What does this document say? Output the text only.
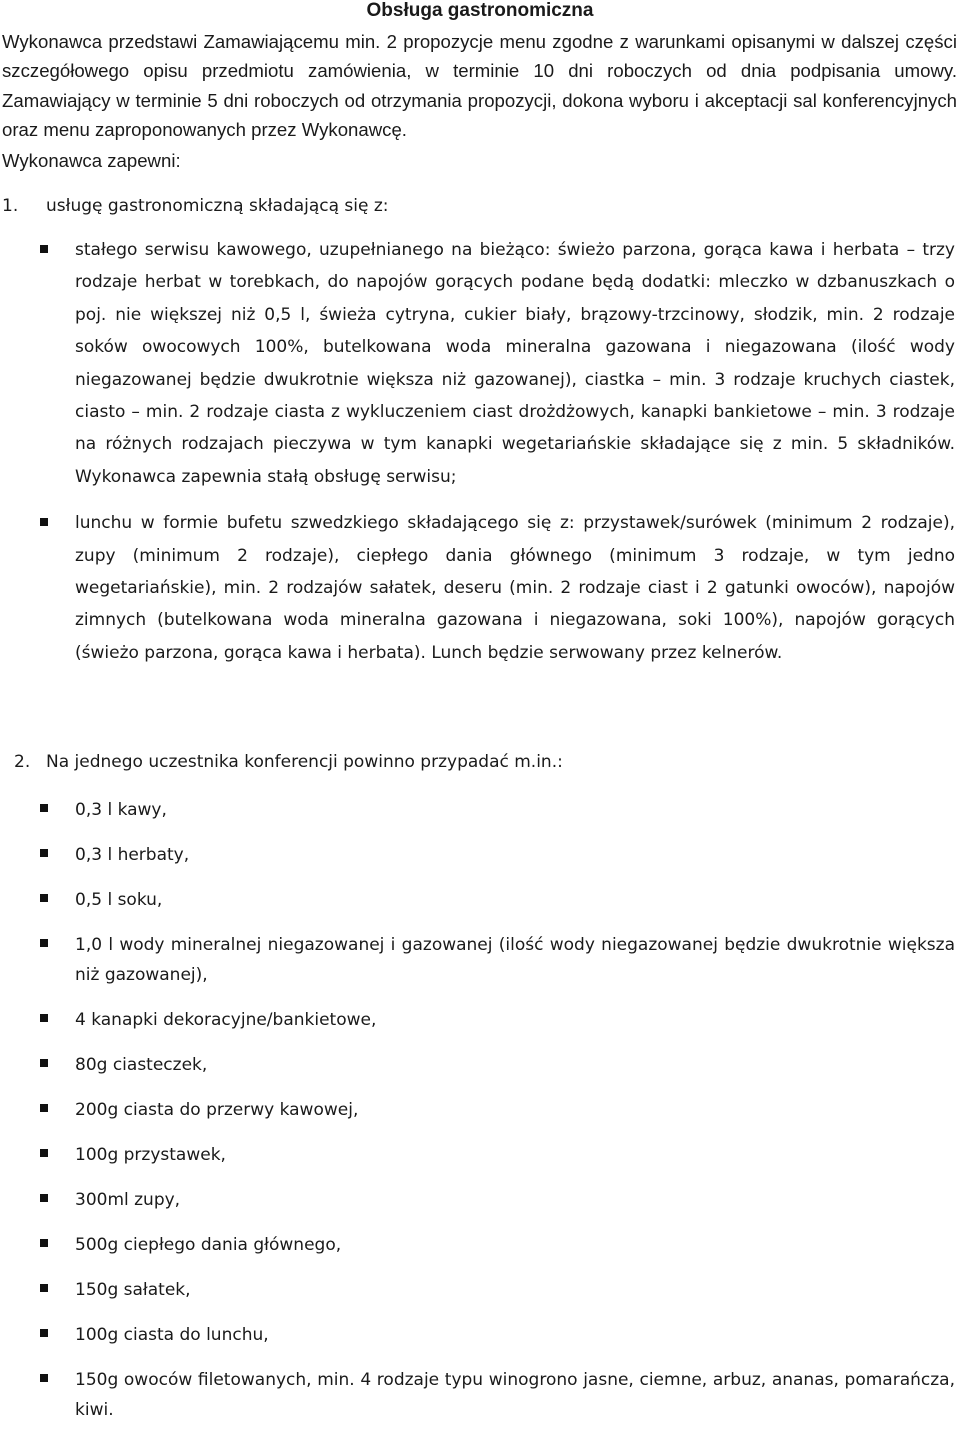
Obsługa gastronomiczna

Wykonawca przedstawi Zamawiającemu min. 2 propozycje menu zgodne z warunkami opisanymi w dalszej części szczegółowego opisu przedmiotu zamówienia, w terminie 10 dni roboczych od dnia podpisania umowy. Zamawiający w terminie 5 dni roboczych od otrzymania propozycji, dokona wyboru i akceptacji sal konferencyjnych oraz menu zaproponowanych przez Wykonawcę.

Wykonawca zapewni:

1. usługę gastronomiczną składającą się z:
stałego serwisu kawowego, uzupełnianego na bieżąco: świeżo parzona, gorąca kawa i herbata – trzy rodzaje herbat w torebkach, do napojów gorących podane będą dodatki: mleczko w dzbanuszkach o poj. nie większej niż 0,5 l, świeża cytryna, cukier biały, brązowy-trzcinowy, słodzik, min. 2 rodzaje soków owocowych 100%, butelkowana woda mineralna gazowana i niegazowana (ilość wody niegazowanej będzie dwukrotnie większa niż gazowanej), ciastka – min. 3 rodzaje kruchych ciastek, ciasto – min. 2 rodzaje ciasta z wykluczeniem ciast drożdżowych, kanapki bankietowe – min. 3 rodzaje na różnych rodzajach pieczywa w tym kanapki wegetariańskie składające się z min. 5 składników. Wykonawca zapewnia stałą obsługę serwisu;
lunchu w formie bufetu szwedzkiego składającego się z: przystawek/surówek (minimum 2 rodzaje), zupy (minimum 2 rodzaje), ciepłego dania głównego (minimum 3 rodzaje, w tym jedno wegetariańskie), min. 2 rodzajów sałatek, deseru (min. 2 rodzaje ciast i 2 gatunki owoców), napojów zimnych (butelkowana woda mineralna gazowana i niegazowana, soki 100%), napojów gorących (świeżo parzona, gorąca kawa i herbata). Lunch będzie serwowany przez kelnerów.
2. Na jednego uczestnika konferencji powinno przypadać m.in.:
0,3 l kawy,
0,3 l herbaty,
0,5 l soku,
1,0 l wody mineralnej niegazowanej i gazowanej (ilość wody niegazowanej będzie dwukrotnie większa niż gazowanej),
4 kanapki dekoracyjne/bankietowe,
80g ciasteczek,
200g ciasta do przerwy kawowej,
100g przystawek,
300ml zupy,
500g ciepłego dania głównego,
150g sałatek,
100g ciasta do lunchu,
150g owoców filetowanych, min. 4 rodzaje typu winogrono jasne, ciemne, arbuz, ananas, pomarańcza, kiwi.
